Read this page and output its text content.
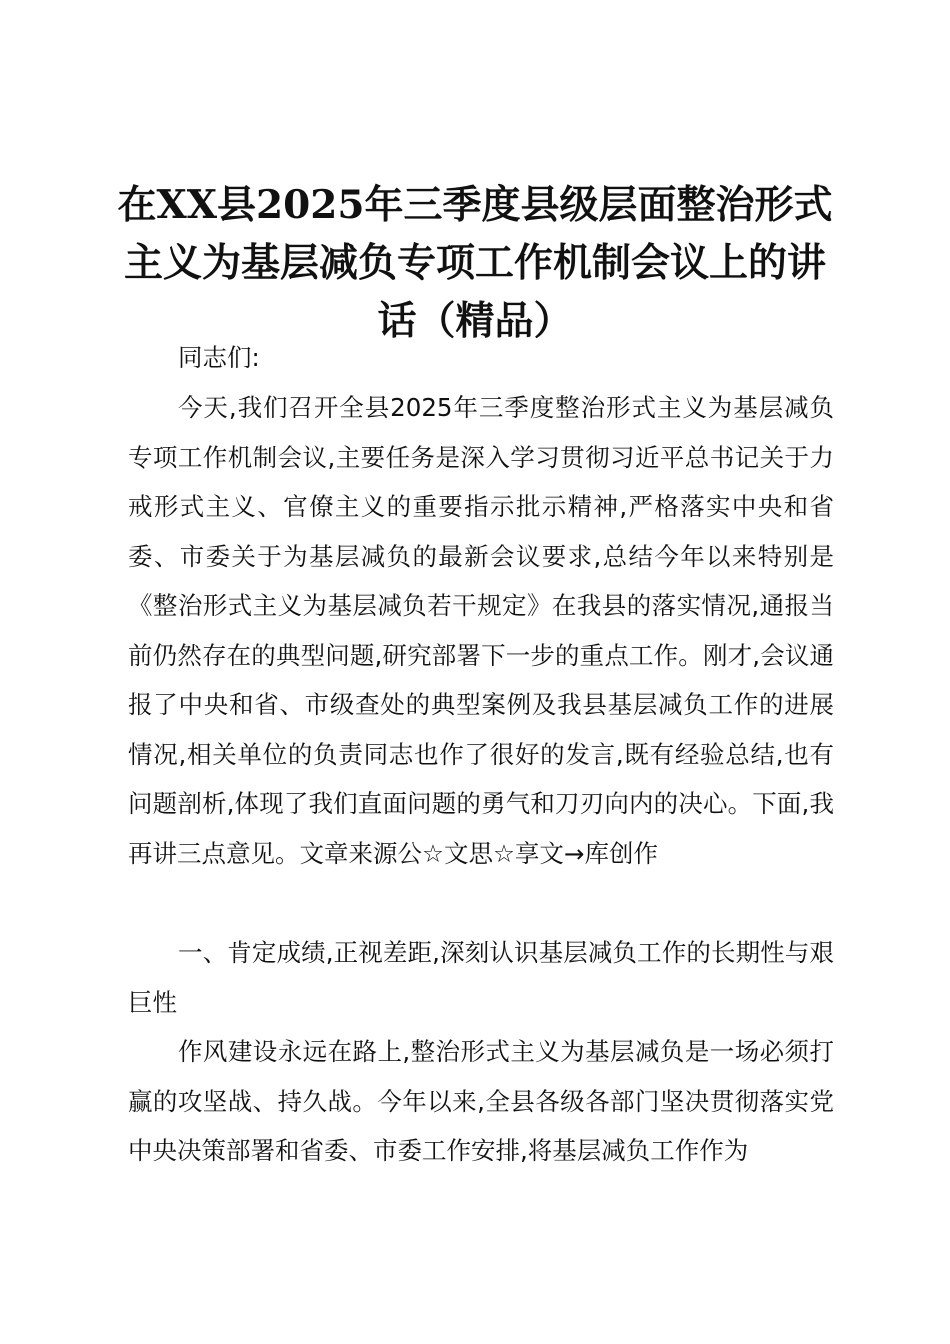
在XX县2025年三季度县级层面整治形式主义为基层减负专项工作机制会议上的讲话（精品）

同志们:

今天,我们召开全县2025年三季度整治形式主义为基层减负专项工作机制会议,主要任务是深入学习贯彻习近平总书记关于力戒形式主义、官僚主义的重要指示批示精神,严格落实中央和省委、市委关于为基层减负的最新会议要求,总结今年以来特别是《整治形式主义为基层减负若干规定》在我县的落实情况,通报当前仍然存在的典型问题,研究部署下一步的重点工作。刚才,会议通报了中央和省、市级查处的典型案例及我县基层减负工作的进展情况,相关单位的负责同志也作了很好的发言,既有经验总结,也有问题剖析,体现了我们直面问题的勇气和刀刃向内的决心。下面,我再讲三点意见。文章来源公☆文思☆享文→库创作

一、肯定成绩,正视差距,深刻认识基层减负工作的长期性与艰巨性

作风建设永远在路上,整治形式主义为基层减负是一场必须打赢的攻坚战、持久战。今年以来,全县各级各部门坚决贯彻落实党中央决策部署和省委、市委工作安排,将基层减负工作作为
